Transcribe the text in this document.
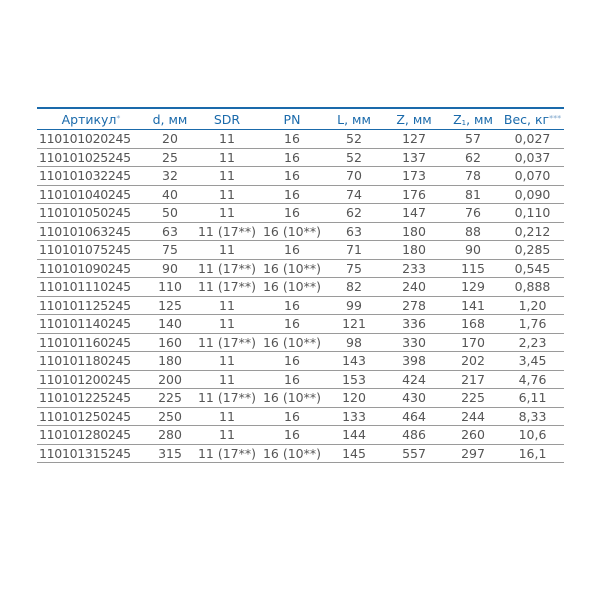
Артикул*	d, мм	SDR	PN	L, мм	Z, мм	$Z_1$, мм	Вес, кг***
110101020245	20	11	16	52	127	57	0,027
110101025245	25	11	16	52	137	62	0,037
110101032245	32	11	16	70	173	78	0,070
110101040245	40	11	16	74	176	81	0,090
110101050245	50	11	16	62	147	76	0,110
110101063245	63	11 (17**)	16 (10**)	63	180	88	0,212
110101075245	75	11	16	71	180	90	0,285
110101090245	90	11 (17**)	16 (10**)	75	233	115	0,545
110101110245	110	11 (17**)	16 (10**)	82	240	129	0,888
110101125245	125	11	16	99	278	141	1,20
110101140245	140	11	16	121	336	168	1,76
110101160245	160	11 (17**)	16 (10**)	98	330	170	2,23
110101180245	180	11	16	143	398	202	3,45
110101200245	200	11	16	153	424	217	4,76
110101225245	225	11 (17**)	16 (10**)	120	430	225	6,11
110101250245	250	11	16	133	464	244	8,33
110101280245	280	11	16	144	486	260	10,6
110101315245	315	11 (17**)	16 (10**)	145	557	297	16,1
